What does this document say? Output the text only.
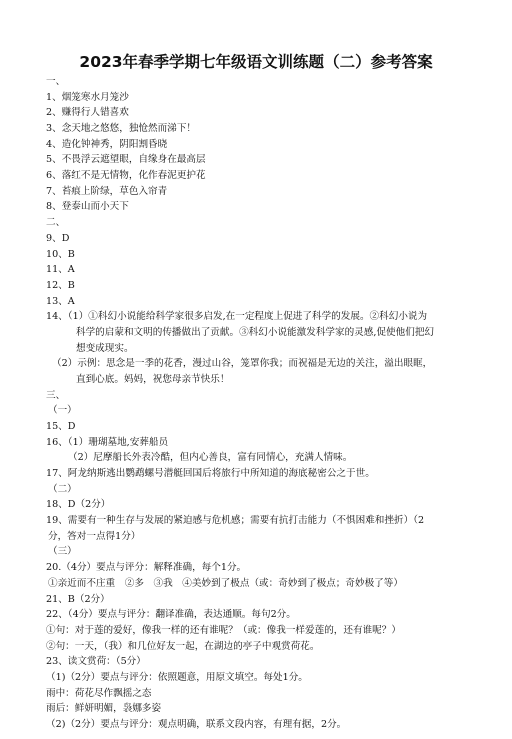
2023年春季学期七年级语文训练题（二）参考答案
一、
1、烟笼寒水月笼沙
2、赚得行人错喜欢
3、念天地之悠悠，独怆然而涕下！
4、造化钟神秀，阴阳割昏晓
5、不畏浮云遮望眼，自缘身在最高层
6、落红不是无情物，化作春泥更护花
7、苔痕上阶绿，草色入帘青
8、登泰山而小天下
二、
9、D
10、B
11、A
12、B
13、A
14、（1）①科幻小说能给科学家很多启发,在一定程度上促进了科学的发展。②科幻小说为
科学的启蒙和文明的传播做出了贡献。③科幻小说能激发科学家的灵感,促使他们把幻
想变成现实。
（2）示例：思念是一季的花香，漫过山谷，笼罩你我；而祝福是无边的关注，溢出眼眶，
直到心底。妈妈，祝您母亲节快乐！
三、
（一）
15、D
16、（1）珊瑚墓地,安葬船员
（2）尼摩船长外表冷酷，但内心善良，富有同情心，充满人情味。
17、阿龙纳斯逃出鹦鹉螺号潜艇回国后将旅行中所知道的海底秘密公之于世。
（二）
18、D（2分）
19、需要有一种生存与发展的紧迫感与危机感；需要有抗打击能力（不惧困难和挫折）（2
分，答对一点得1分）
（三）
20.（4分）要点与评分：解释准确，每个1分。
①亲近而不庄重　②多　③我　④美妙到了极点（或：奇妙到了极点；奇妙极了等）
21、B（2分）
22、（4分）要点与评分：翻译准确，表达通顺。每句2分。
①句：对于莲的爱好，像我一样的还有谁呢？（或：像我一样爱莲的，还有谁呢？）
②句：一天，（我）和几位好友一起，在湖边的亭子中观赏荷花。
23、读文赏荷：（5分）
（1)（2分）要点与评分：依照题意，用原文填空。每处1分。
雨中：荷花尽作飘摇之态
雨后：鲜妍明媚，袅娜多姿
（2)（2分）要点与评分：观点明确，联系文段内容，有理有据，2分。
